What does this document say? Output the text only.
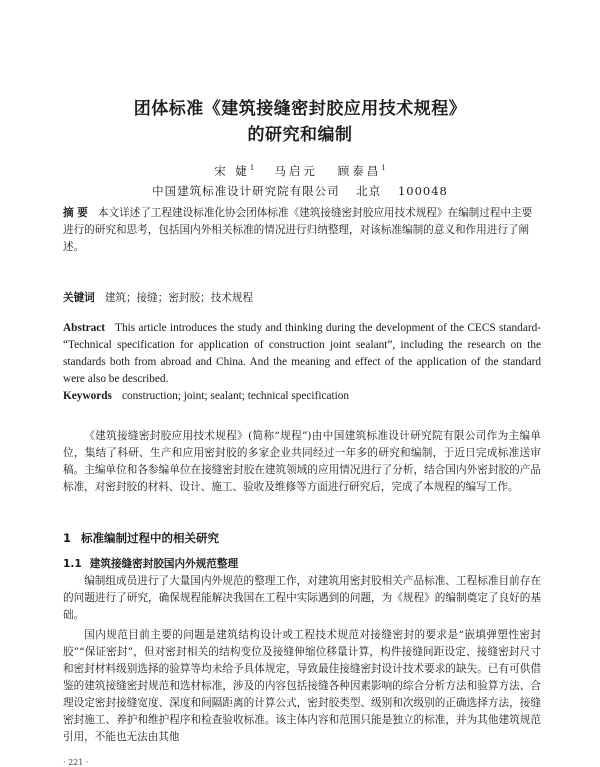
团体标准《建筑接缝密封胶应用技术规程》
的研究和编制
宋 婕$^1$ 马启元 顾泰昌$^1$
中国建筑标准设计研究院有限公司 北京 100048
摘 要 本文详述了工程建设标准化协会团体标准《建筑接缝密封胶应用技术规程》在编制过程中主要进行的研究和思考，包括国内外相关标准的情况进行归纳整理，对该标准编制的意义和作用进行了阐述。
关键词 建筑；接缝；密封胶；技术规程
Abstract This article introduces the study and thinking during the development of the CECS standard- “Technical specification for application of construction joint sealant”, including the research on the standards both from abroad and China. And the meaning and effect of the application of the standard were also be described.
Keywords construction; joint; sealant; technical specification
《建筑接缝密封胶应用技术规程》(简称“规程”)由中国建筑标准设计研究院有限公司作为主编单位，集结了科研、生产和应用密封胶的多家企业共同经过一年多的研究和编制，于近日完成标准送审稿。主编单位和各参编单位在接缝密封胶在建筑领域的应用情况进行了分析，结合国内外密封胶的产品标准，对密封胶的材料、设计、施工、验收及维修等方面进行研究后，完成了本规程的编写工作。
1 标准编制过程中的相关研究
1.1 建筑接缝密封胶国内外规范整理
编制组成员进行了大量国内外规范的整理工作，对建筑用密封胶相关产品标准、工程标准目前存在的问题进行了研究，确保规程能解决我国在工程中实际遇到的问题，为《规程》的编制奠定了良好的基础。
国内规范目前主要的问题是建筑结构设计或工程技术规范对接缝密封的要求是“嵌填弹塑性密封胶”“保证密封”，但对密封相关的结构变位及接缝伸缩位移量计算，构件接缝间距设定、接缝密封尺寸和密封材料级别选择的验算等均未给予具体规定，导致最佳接缝密封设计技术要求的缺失。已有可供借鉴的建筑接缝密封规范和选材标准，涉及的内容包括接缝各种因素影响的综合分析方法和验算方法、合理设定密封接缝宽度、深度和间隔距离的计算公式，密封胶类型、级别和次级别的正确选择方法，接缝密封施工、养护和维护程序和检查验收标准。该主体内容和范围只能是独立的标准，并为其他建筑规范引用，不能也无法由其他
· 221 ·
